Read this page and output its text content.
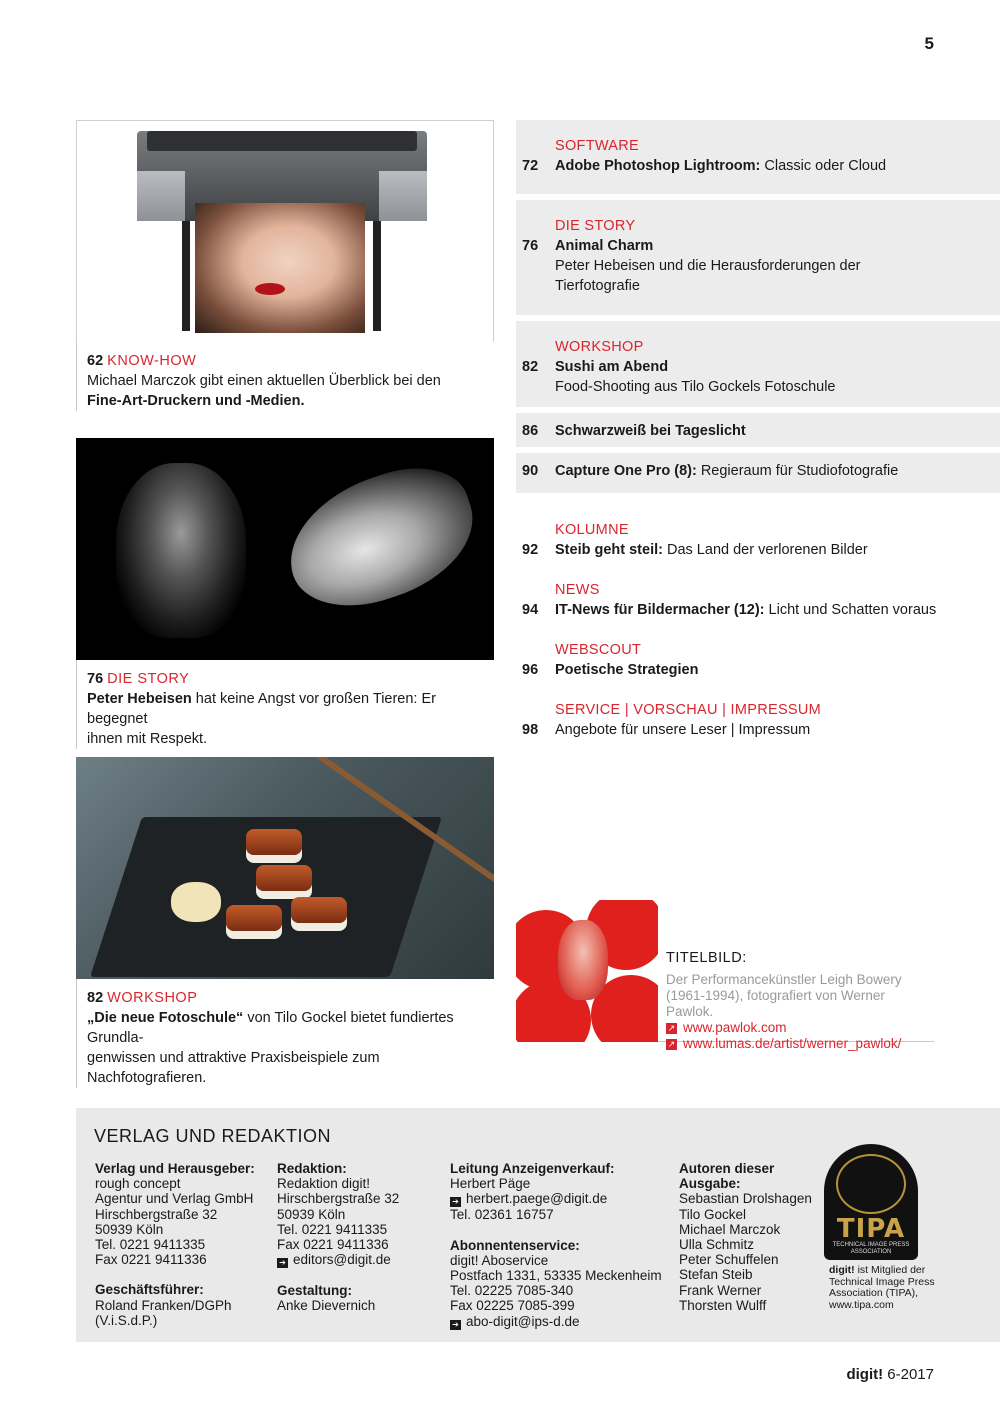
5
62 KNOW-HOW
Michael Marczok gibt einen aktuellen Überblick bei den
Fine-Art-Druckern und -Medien.
76 DIE STORY
Peter Hebeisen hat keine Angst vor großen Tieren: Er begegnet
ihnen mit Respekt.
82 WORKSHOP
„Die neue Fotoschule“ von Tilo Gockel bietet fundiertes Grundla-
genwissen und attraktive Praxisbeispiele zum Nachfotografieren.
SOFTWARE
72	Adobe Photoshop Lightroom: Classic oder Cloud
DIE STORY
76	Animal Charm
Peter Hebeisen und die Herausforderungen der
Tierfotografie
WORKSHOP
82	Sushi am Abend
Food-Shooting aus Tilo Gockels Fotoschule
86	Schwarzweiß bei Tageslicht
90	Capture One Pro (8): Regieraum für Studiofotografie
KOLUMNE
92	Steib geht steil: Das Land der verlorenen Bilder
NEWS
94	IT-News für Bildermacher (12): Licht und Schatten voraus
WEBSCOUT
96	Poetische Strategien
SERVICE | VORSCHAU | IMPRESSUM
98	Angebote für unsere Leser | Impressum
TITELBILD:
Der Performancekünstler Leigh Bowery
(1961-1994), fotografiert von Werner Pawlok.
↗ www.pawlok.com
↗ www.lumas.de/artist/werner_pawlok/
VERLAG UND REDAKTION
Verlag und Herausgeber:
rough concept
Agentur und Verlag GmbH
Hirschbergstraße 32
50939 Köln
Tel. 0221 9411335
Fax 0221 9411336
Geschäftsführer:
Roland Franken/DGPh
(V.i.S.d.P.)
Redaktion:
Redaktion digit!
Hirschbergstraße 32
50939 Köln
Tel. 0221 9411335
Fax 0221 9411336
➔ editors@digit.de
Gestaltung:
Anke Dievernich
Leitung Anzeigenverkauf:
Herbert Päge
➔ herbert.paege@digit.de
Tel. 02361 16757
Abonnentenservice:
digit! Aboservice
Postfach 1331, 53335 Meckenheim
Tel. 02225 7085-340
Fax 02225 7085-399
➔ abo-digit@ips-d.de
Autoren dieser
Ausgabe:
Sebastian Drolshagen
Tilo Gockel
Michael Marczok
Ulla Schmitz
Peter Schuffelen
Stefan Steib
Frank Werner
Thorsten Wulff
TIPA
TECHNICAL IMAGE PRESS ASSOCIATION
digit! ist Mitglied der Technical Image Press Association (TIPA), www.tipa.com
digit! 6-2017
